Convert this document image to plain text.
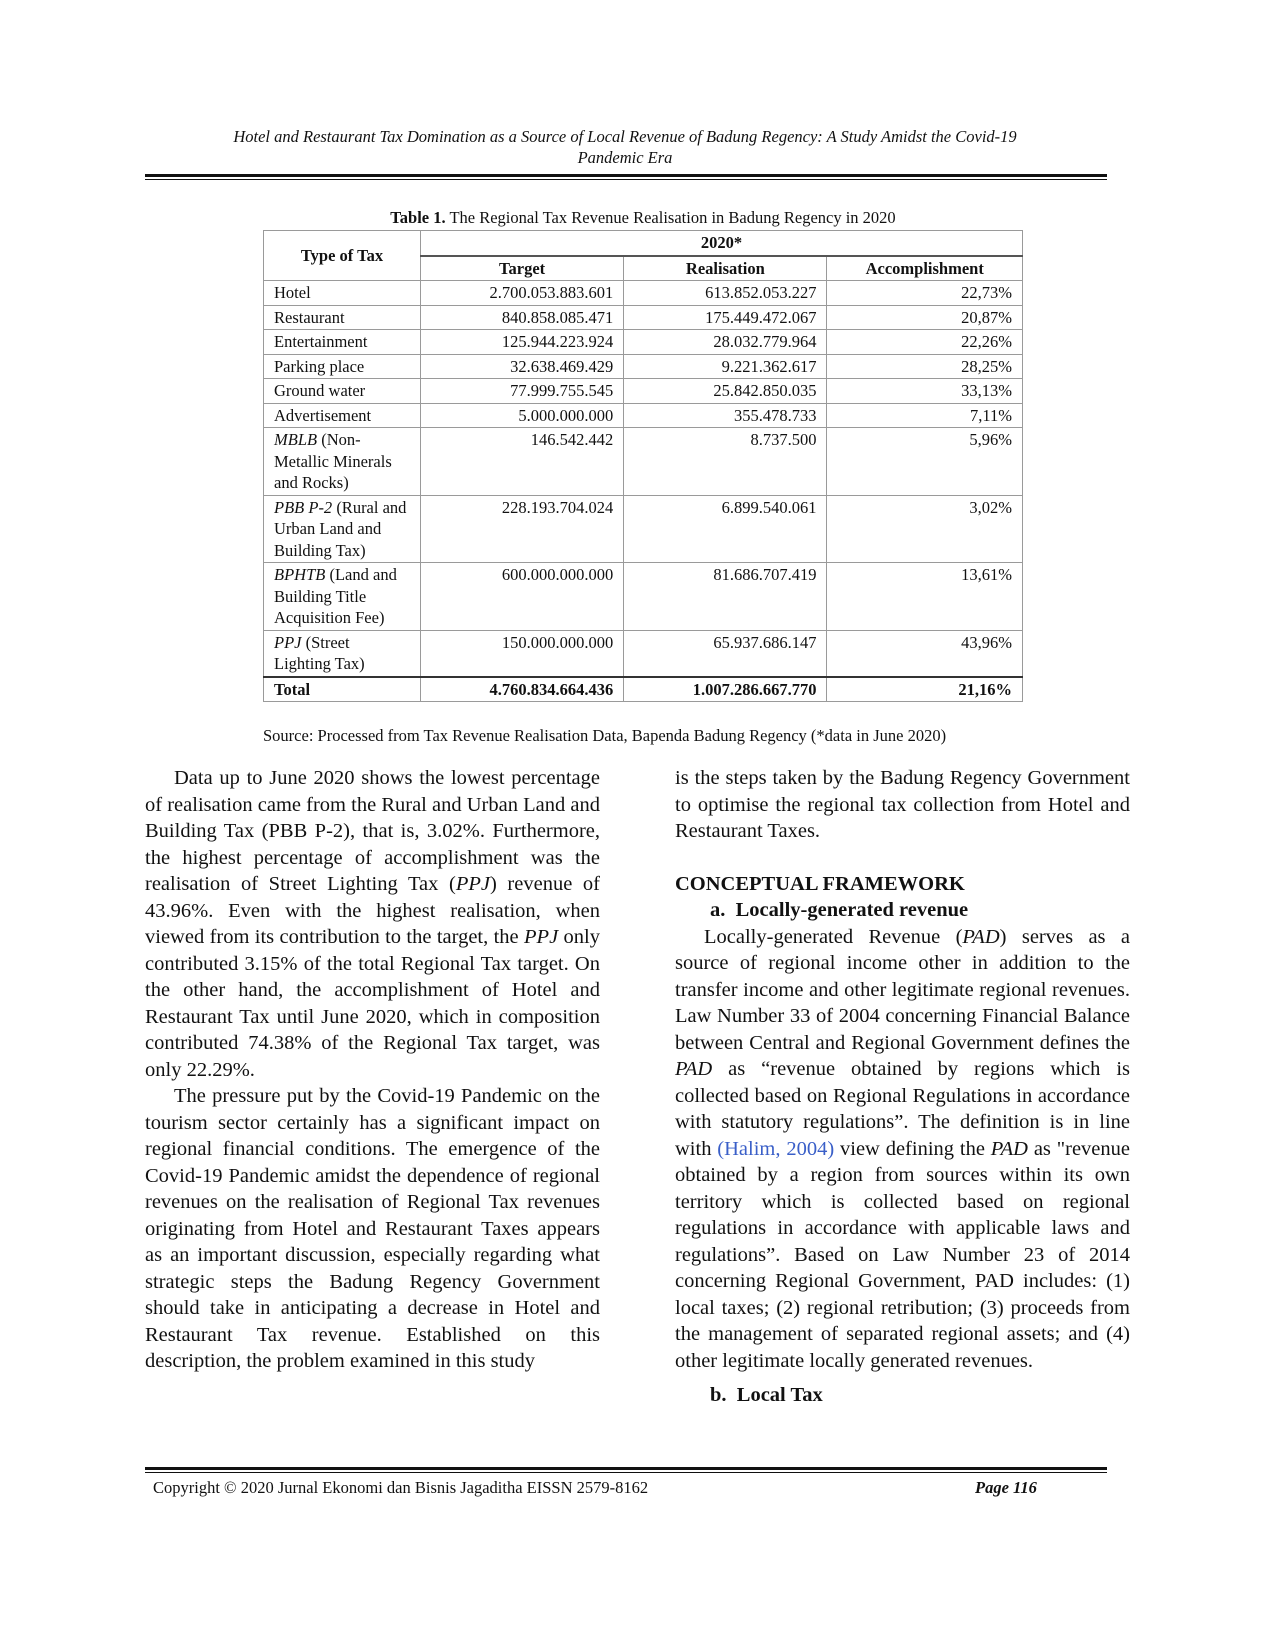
Hotel and Restaurant Tax Domination as a Source of Local Revenue of Badung Regency: A Study Amidst the Covid-19
Pandemic Era
Table 1. The Regional Tax Revenue Realisation in Badung Regency in 2020
Type of Tax	2020*		
	Target	Realisation	Accomplishment
Hotel	2.700.053.883.601	613.852.053.227	22,73%
Restaurant	840.858.085.471	175.449.472.067	20,87%
Entertainment	125.944.223.924	28.032.779.964	22,26%
Parking place	32.638.469.429	9.221.362.617	28,25%
Ground water	77.999.755.545	25.842.850.035	33,13%
Advertisement	5.000.000.000	355.478.733	7,11%
MBLB (Non-Metallic Minerals and Rocks)	146.542.442	8.737.500	5,96%
PBB P-2 (Rural and Urban Land and Building Tax)	228.193.704.024	6.899.540.061	3,02%
BPHTB (Land and Building Title Acquisition Fee)	600.000.000.000	81.686.707.419	13,61%
PPJ (Street Lighting Tax)	150.000.000.000	65.937.686.147	43,96%
Total	4.760.834.664.436	1.007.286.667.770	21,16%
Source: Processed from Tax Revenue Realisation Data, Bapenda Badung Regency (*data in June 2020)

Data up to June 2020 shows the lowest percentage of realisation came from the Rural and Urban Land and Building Tax (PBB P-2), that is, 3.02%. Furthermore, the highest percentage of accomplishment was the realisation of Street Lighting Tax (PPJ) revenue of 43.96%. Even with the highest realisation, when viewed from its contribution to the target, the PPJ only contributed 3.15% of the total Regional Tax target. On the other hand, the accomplishment of Hotel and Restaurant Tax until June 2020, which in composition contributed 74.38% of the Regional Tax target, was only 22.29%.

The pressure put by the Covid-19 Pandemic on the tourism sector certainly has a significant impact on regional financial conditions. The emergence of the Covid-19 Pandemic amidst the dependence of regional revenues on the realisation of Regional Tax revenues originating from Hotel and Restaurant Taxes appears as an important discussion, especially regarding what strategic steps the Badung Regency Government should take in anticipating a decrease in Hotel and Restaurant Tax revenue. Established on this description, the problem examined in this study

is the steps taken by the Badung Regency Government to optimise the regional tax collection from Hotel and Restaurant Taxes.

CONCEPTUAL FRAMEWORK

a.  Locally-generated revenue

Locally-generated Revenue (PAD) serves as a source of regional income other in addition to the transfer income and other legitimate regional revenues. Law Number 33 of 2004 concerning Financial Balance between Central and Regional Government defines the PAD as “revenue obtained by regions which is collected based on Regional Regulations in accordance with statutory regulations”. The definition is in line with (Halim, 2004) view defining the PAD as "revenue obtained by a region from sources within its own territory which is collected based on regional regulations in accordance with applicable laws and regulations”. Based on Law Number 23 of 2014 concerning Regional Government, PAD includes: (1) local taxes; (2) regional retribution; (3) proceeds from the management of separated regional assets; and (4) other legitimate locally generated revenues.

b.  Local Tax

Copyright © 2020 Jurnal Ekonomi dan Bisnis Jagaditha EISSN 2579-8162	Page 116
